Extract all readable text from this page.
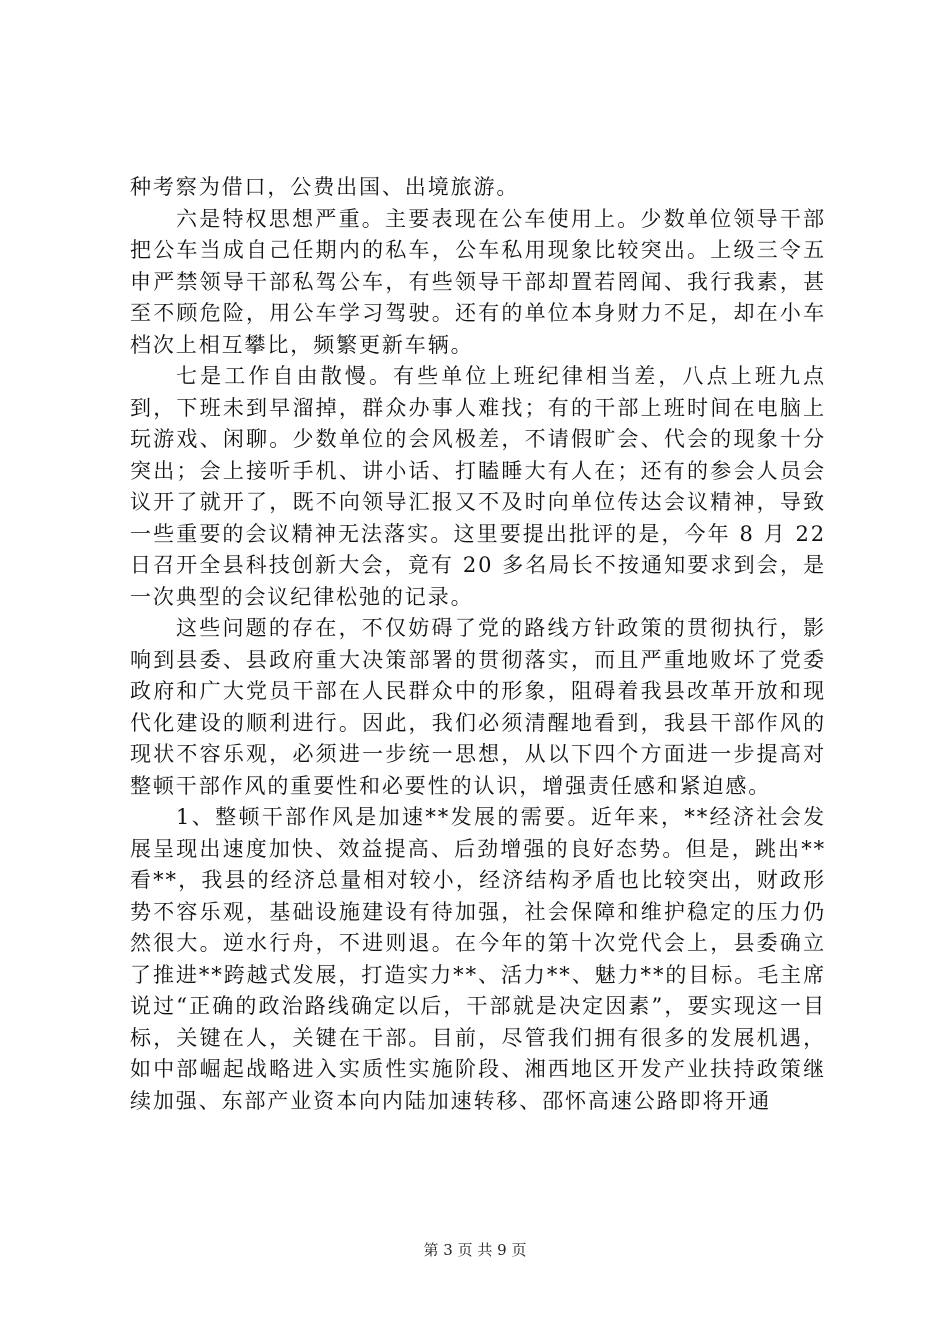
种考察为借口，公费出国、出境旅游。

六是特权思想严重。主要表现在公车使用上。少数单位领导干部把公车当成自己任期内的私车，公车私用现象比较突出。上级三令五申严禁领导干部私驾公车，有些领导干部却置若罔闻、我行我素，甚至不顾危险，用公车学习驾驶。还有的单位本身财力不足，却在小车档次上相互攀比，频繁更新车辆。

七是工作自由散慢。有些单位上班纪律相当差，八点上班九点到，下班未到早溜掉，群众办事人难找；有的干部上班时间在电脑上玩游戏、闲聊。少数单位的会风极差，不请假旷会、代会的现象十分突出；会上接听手机、讲小话、打瞌睡大有人在；还有的参会人员会议开了就开了，既不向领导汇报又不及时向单位传达会议精神，导致一些重要的会议精神无法落实。这里要提出批评的是，今年 8 月 22 日召开全县科技创新大会，竟有 20 多名局长不按通知要求到会，是一次典型的会议纪律松弛的记录。

这些问题的存在，不仅妨碍了党的路线方针政策的贯彻执行，影响到县委、县政府重大决策部署的贯彻落实，而且严重地败坏了党委政府和广大党员干部在人民群众中的形象，阻碍着我县改革开放和现代化建设的顺利进行。因此，我们必须清醒地看到，我县干部作风的现状不容乐观，必须进一步统一思想，从以下四个方面进一步提高对整顿干部作风的重要性和必要性的认识，增强责任感和紧迫感。

1、整顿干部作风是加速**发展的需要。近年来，**经济社会发展呈现出速度加快、效益提高、后劲增强的良好态势。但是，跳出**看**，我县的经济总量相对较小，经济结构矛盾也比较突出，财政形势不容乐观，基础设施建设有待加强，社会保障和维护稳定的压力仍然很大。逆水行舟，不进则退。在今年的第十次党代会上，县委确立了推进**跨越式发展，打造实力**、活力**、魅力**的目标。毛主席说过“正确的政治路线确定以后，干部就是决定因素”，要实现这一目标，关键在人，关键在干部。目前，尽管我们拥有很多的发展机遇，如中部崛起战略进入实质性实施阶段、湘西地区开发产业扶持政策继续加强、东部产业资本向内陆加速转移、邵怀高速公路即将开通

第 3 页 共 9 页
